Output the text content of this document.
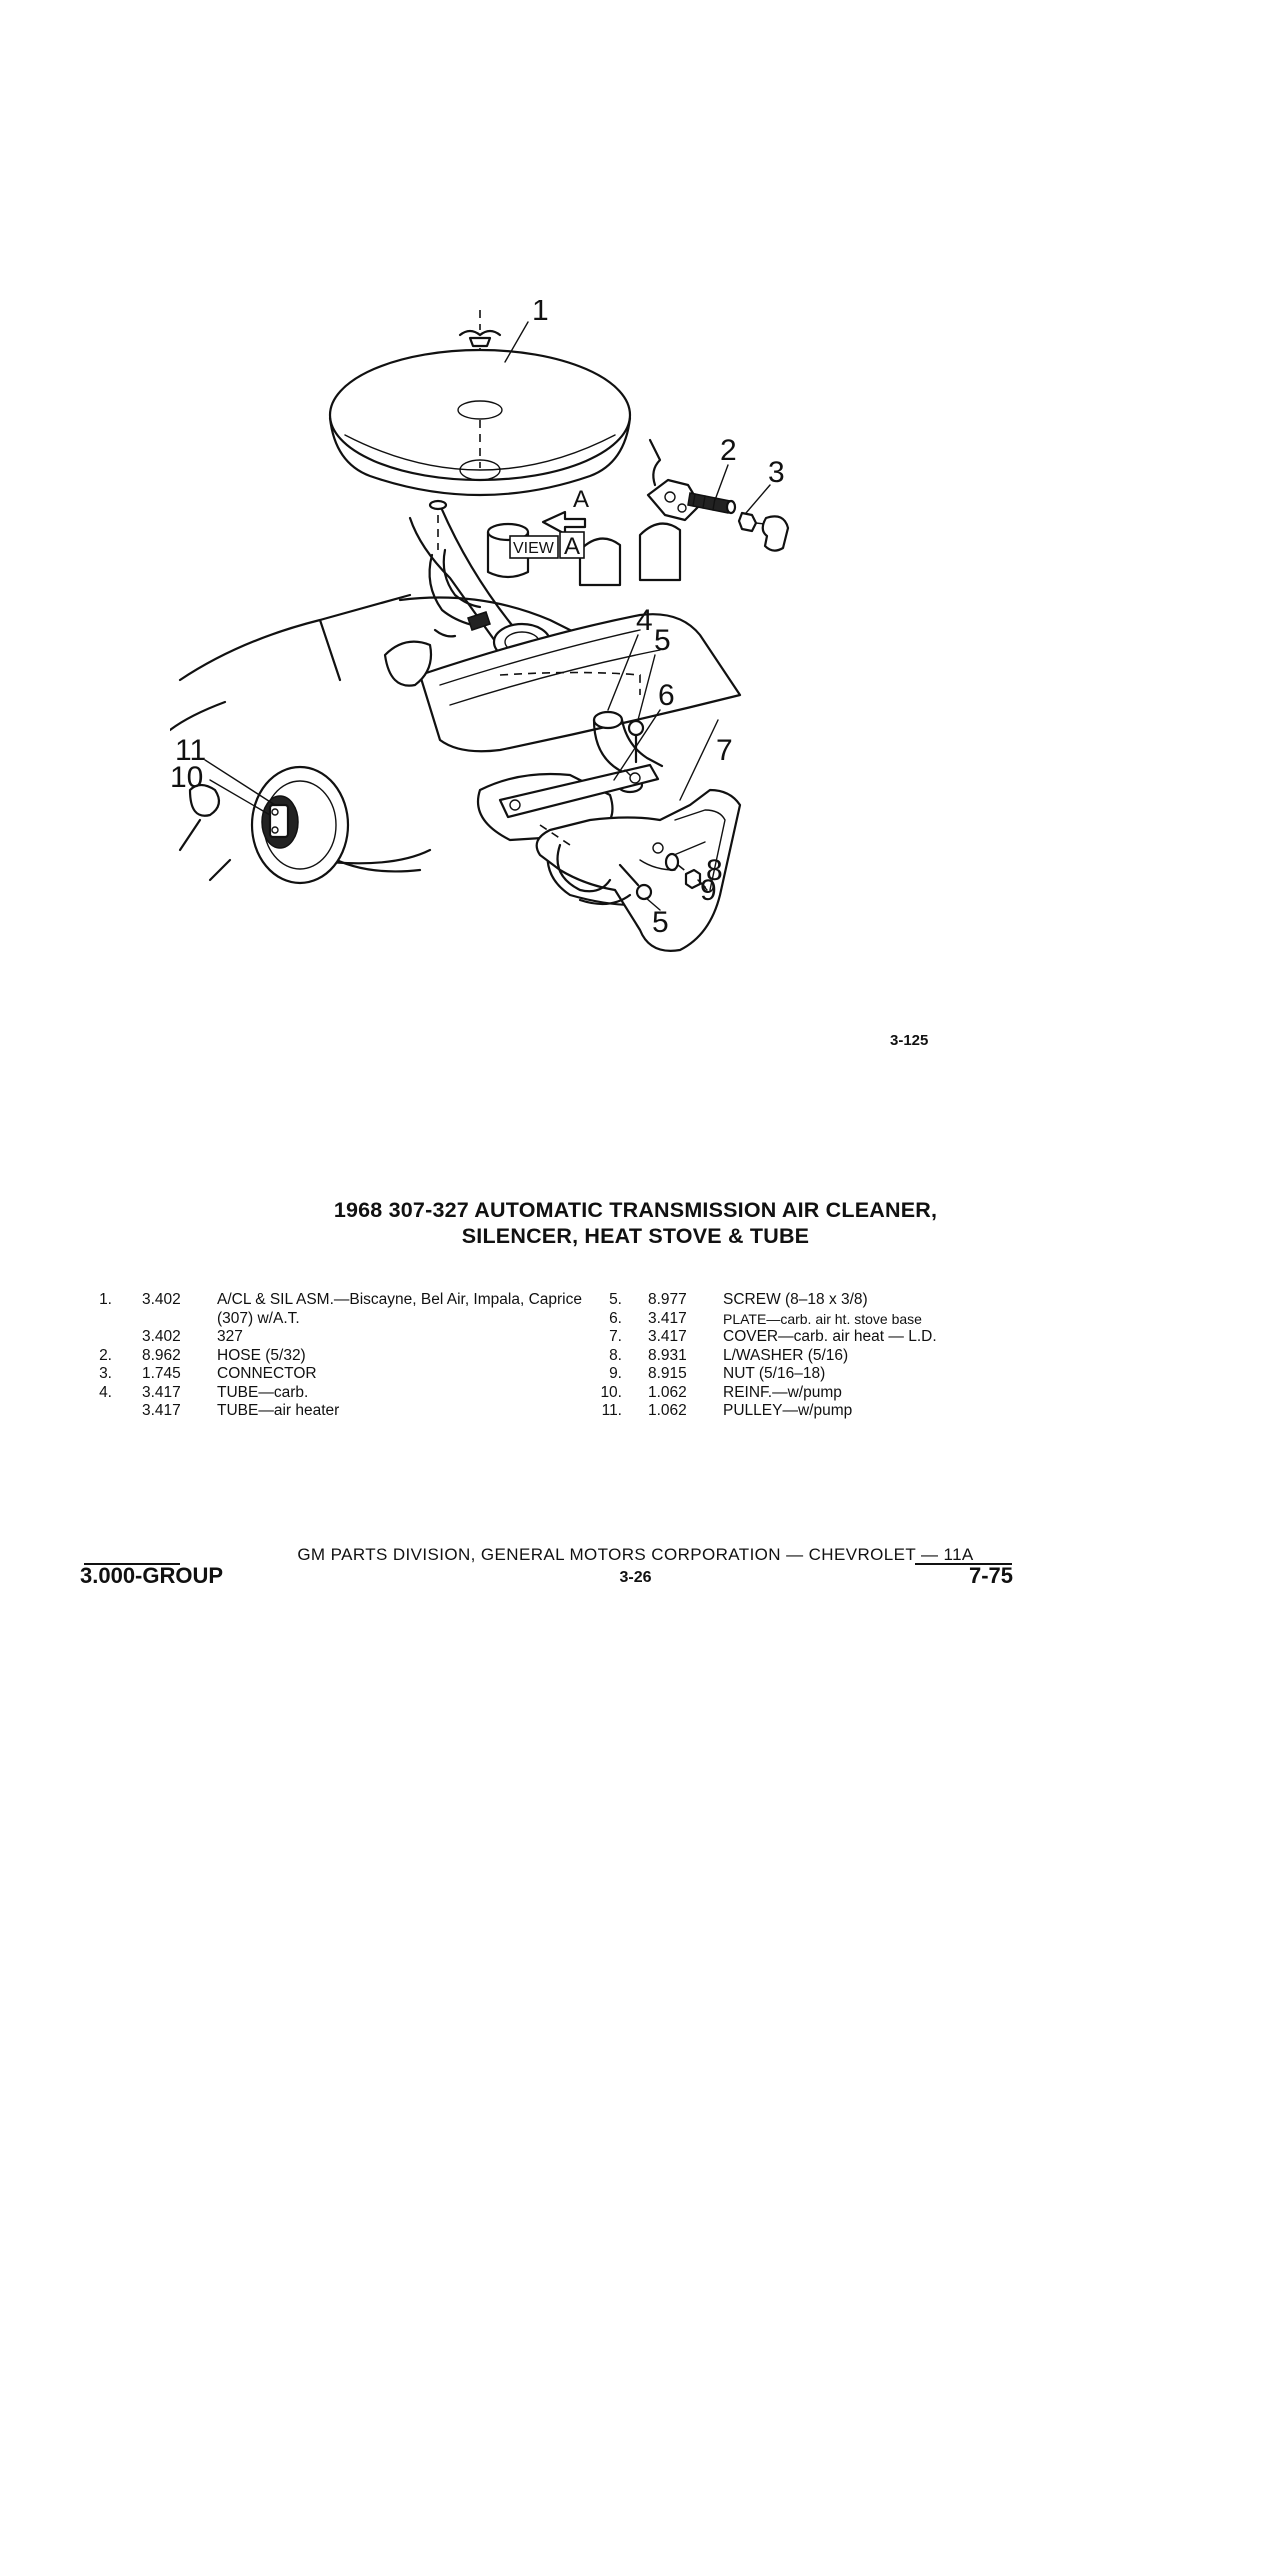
1
2
3
4
5
6
7
8
9
10
11
5
A
VIEW A
3-125
1968 307-327 AUTOMATIC TRANSMISSION AIR CLEANER,
SILENCER, HEAT STOVE & TUBE
1. 3.402 A/CL & SIL ASM.—Biscayne, Bel Air, Impala, Caprice (307) w/A.T.
3.402 327
2. 8.962 HOSE (5/32)
3. 1.745 CONNECTOR
4. 3.417 TUBE—carb.
3.417 TUBE—air heater
5. 8.977 SCREW (8–18 x 3/8)
6. 3.417	PLATE—carb. air ht. stove base
7. 3.417 COVER—carb. air heat — L.D.
8. 8.931 L/WASHER (5/16)
9. 8.915 NUT (5/16–18)
10. 1.062 REINF.—w/pump
11. 1.062 PULLEY—w/pump
GM PARTS DIVISION, GENERAL MOTORS CORPORATION — CHEVROLET — 11A
3.000-GROUP	3-26	7-75
